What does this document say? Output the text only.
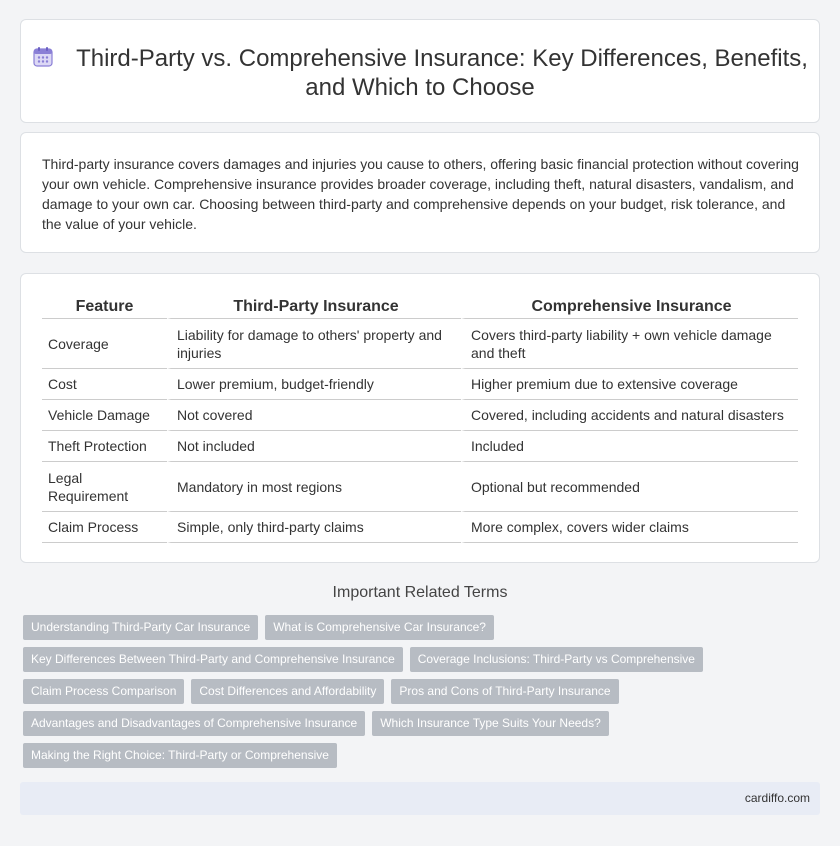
Third-Party vs. Comprehensive Insurance: Key Differences, Benefits, and Which to Choose

Third-party insurance covers damages and injuries you cause to others, offering basic financial protection without covering your own vehicle. Comprehensive insurance provides broader coverage, including theft, natural disasters, vandalism, and damage to your own car. Choosing between third-party and comprehensive depends on your budget, risk tolerance, and the value of your vehicle.

Feature	Third-Party Insurance	Comprehensive Insurance
Coverage	Liability for damage to others' property and injuries	Covers third-party liability + own vehicle damage and theft
Cost	Lower premium, budget-friendly	Higher premium due to extensive coverage
Vehicle Damage	Not covered	Covered, including accidents and natural disasters
Theft Protection	Not included	Included
Legal Requirement	Mandatory in most regions	Optional but recommended
Claim Process	Simple, only third-party claims	More complex, covers wider claims
Important Related Terms
Understanding Third-Party Car Insurance	What is Comprehensive Car Insurance?
Key Differences Between Third-Party and Comprehensive Insurance	Coverage Inclusions: Third-Party vs Comprehensive
Claim Process Comparison	Cost Differences and Affordability	Pros and Cons of Third-Party Insurance
Advantages and Disadvantages of Comprehensive Insurance	Which Insurance Type Suits Your Needs?
Making the Right Choice: Third-Party or Comprehensive
cardiffo.com
